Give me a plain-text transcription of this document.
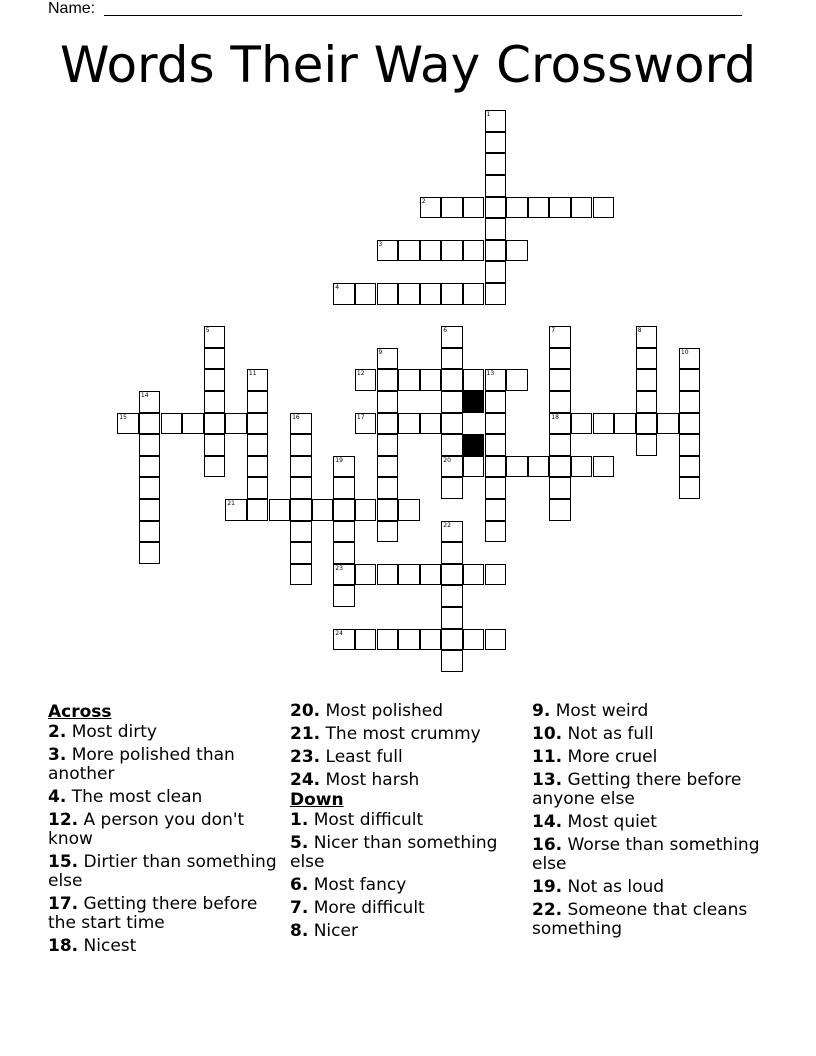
Name:
Words Their Way Crossword
1
2
3
4
5	6	7	8
9	10
11	12	13
14
15	16	17	18
19	20
21
22
23
24
Across
2. Most dirty
3. More polished than another
4. The most clean
12. A person you don't know
15. Dirtier than something else
17. Getting there before the start time
18. Nicest
20. Most polished
21. The most crummy
23. Least full
24. Most harsh
Down
1. Most difficult
5. Nicer than something else
6. Most fancy
7. More difficult
8. Nicer
9. Most weird
10. Not as full
11. More cruel
13. Getting there before anyone else
14. Most quiet
16. Worse than something else
19. Not as loud
22. Someone that cleans something
